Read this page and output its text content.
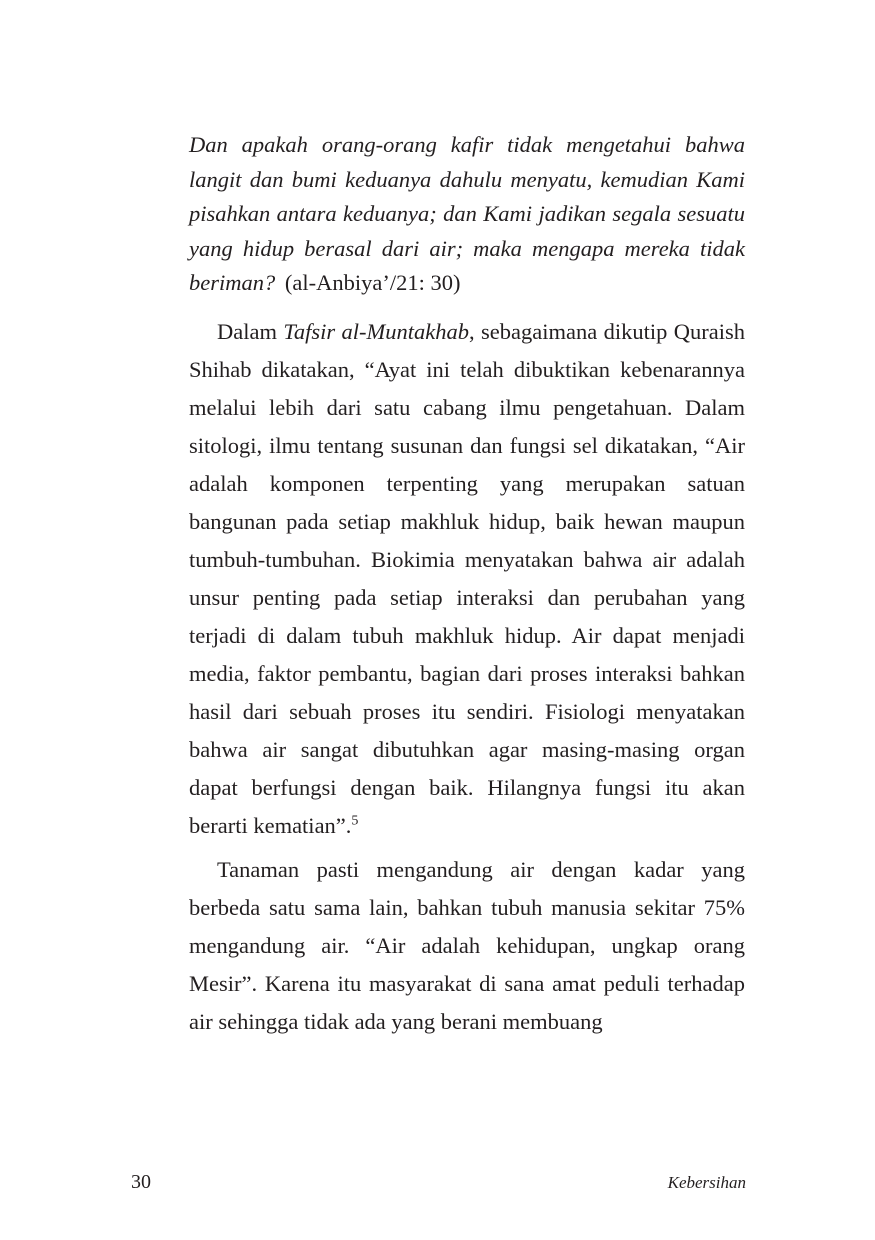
Dan apakah orang-orang kafir tidak mengetahui bahwa langit dan bumi keduanya dahulu menyatu, kemudian Kami pisahkan antara keduanya; dan Kami jadikan segala sesuatu yang hidup berasal dari air; maka mengapa mereka tidak beriman? (al-Anbiya’/21: 30)

Dalam Tafsir al-Muntakhab, sebagaimana dikutip Quraish Shihab dikatakan, “Ayat ini telah dibuktikan kebenarannya melalui lebih dari satu cabang ilmu pengetahuan. Dalam sitologi, ilmu tentang susunan dan fungsi sel dikatakan, “Air adalah komponen terpenting yang merupakan satuan bangunan pada setiap makhluk hidup, baik hewan maupun tumbuh-tumbuhan. Biokimia menyatakan bahwa air adalah unsur penting pada setiap interaksi dan perubahan yang terjadi di dalam tubuh makhluk hidup. Air dapat menjadi media, faktor pembantu, bagian dari proses interaksi bahkan hasil dari sebuah proses itu sendiri. Fisiologi menyatakan bahwa air sangat dibutuhkan agar masing-masing organ dapat berfungsi dengan baik. Hilangnya fungsi itu akan berarti kematian”.$^5$

Tanaman pasti mengandung air dengan kadar yang berbeda satu sama lain, bahkan tubuh manusia sekitar 75% mengandung air. “Air adalah kehidupan, ungkap orang Mesir”. Karena itu masyarakat di sana amat peduli terhadap air sehingga tidak ada yang berani membuang

30	Kebersihan
